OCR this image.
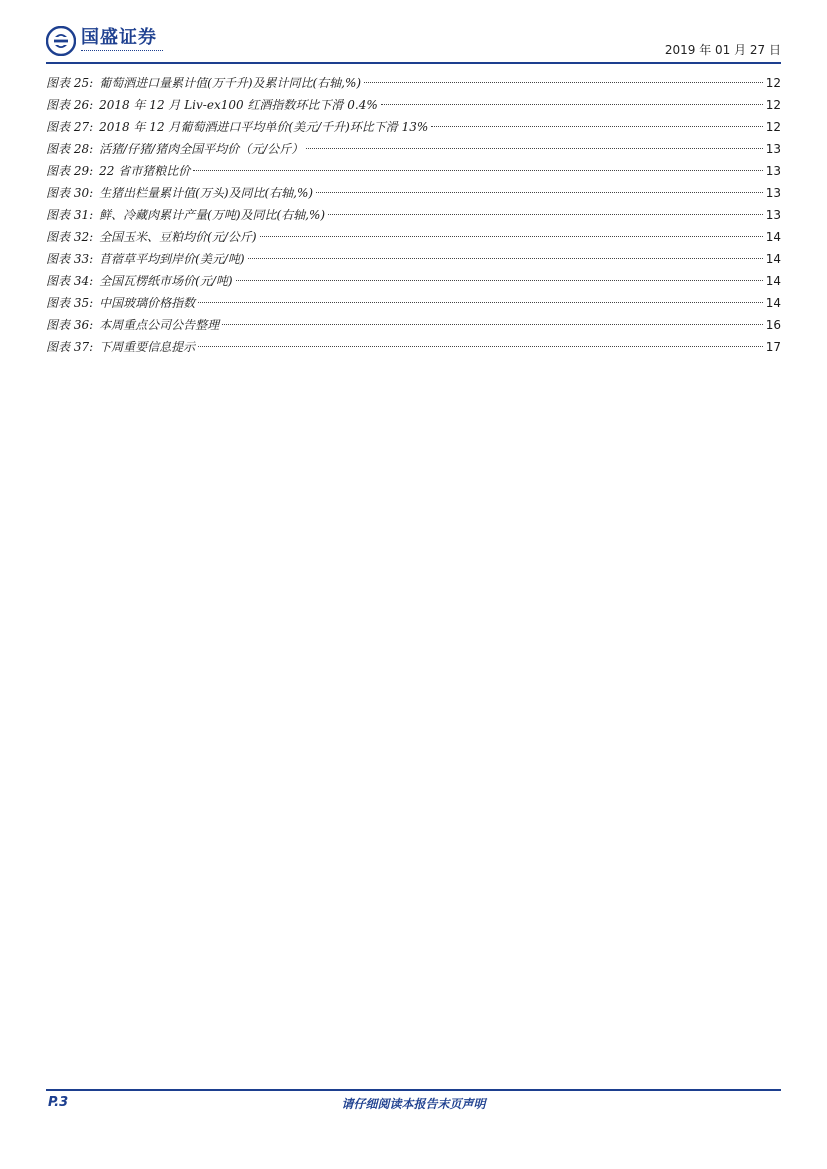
国盛证券
2019 年 01 月 27 日
图表 25: 葡萄酒进口量累计值(万千升)及累计同比(右轴,%)	12
图表 26: 2018 年 12 月 Liv-ex100 红酒指数环比下滑 0.4%	12
图表 27: 2018 年 12 月葡萄酒进口平均单价(美元/千升)环比下滑 13%	12
图表 28: 活猪/仔猪/猪肉全国平均价（元/公斤）	13
图表 29: 22 省市猪粮比价	13
图表 30: 生猪出栏量累计值(万头)及同比(右轴,%)	13
图表 31: 鲜、冷藏肉累计产量(万吨)及同比(右轴,%)	13
图表 32: 全国玉米、豆粕均价(元/公斤)	14
图表 33: 苜蓿草平均到岸价(美元/吨)	14
图表 34: 全国瓦楞纸市场价(元/吨)	14
图表 35: 中国玻璃价格指数	14
图表 36: 本周重点公司公告整理	16
图表 37: 下周重要信息提示	17
P.3	请仔细阅读本报告末页声明
